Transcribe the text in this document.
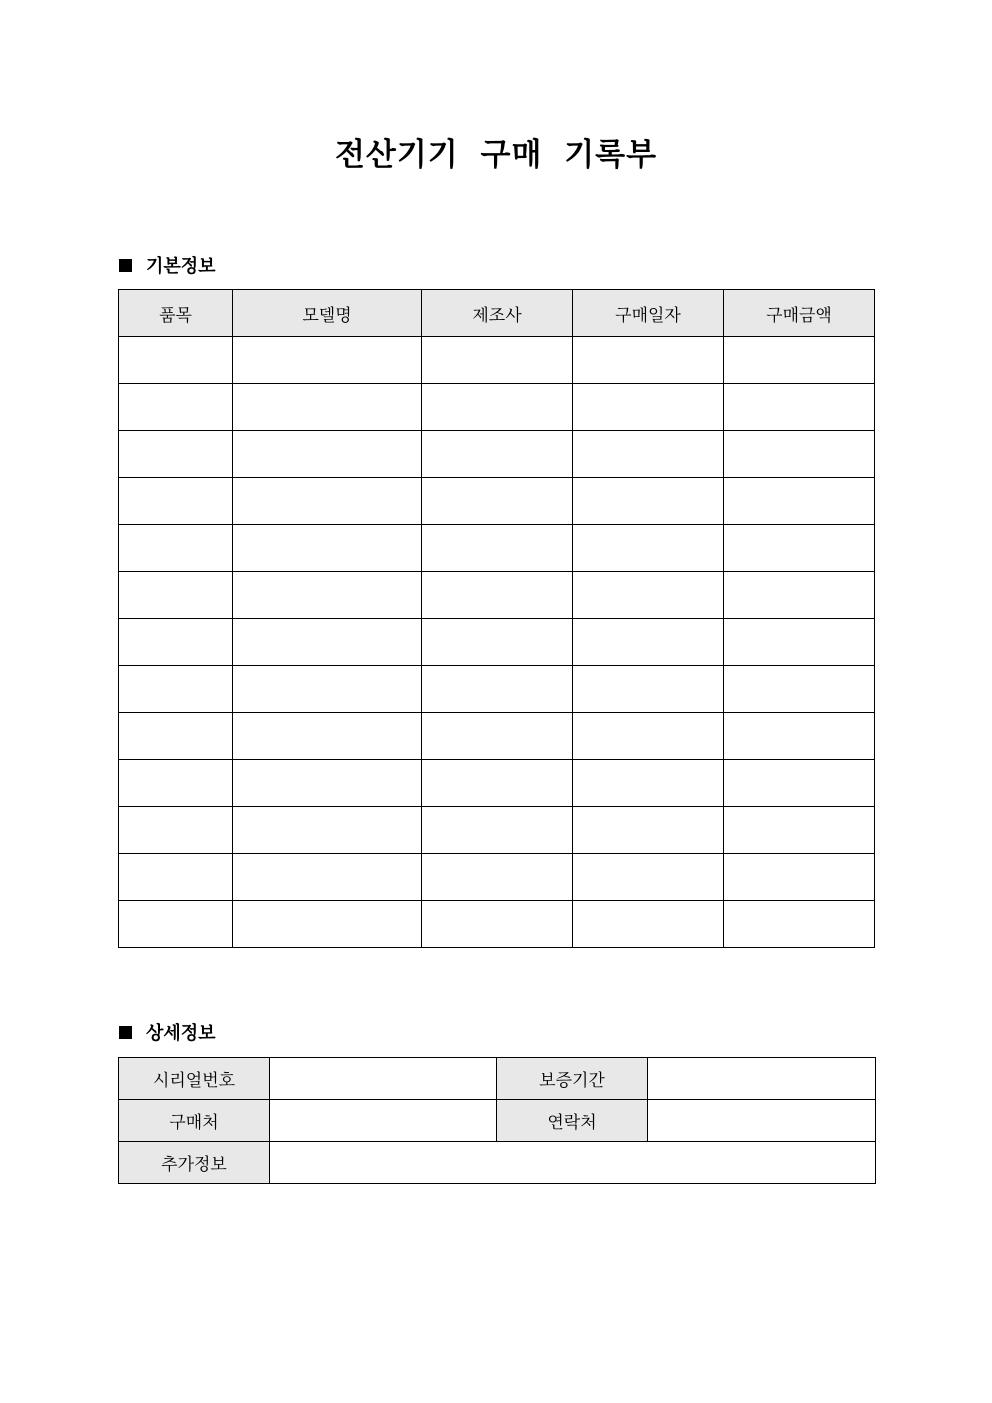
전산기기 구매 기록부
기본정보
품목	모델명	제조사	구매일자	구매금액

상세정보
시리얼번호		보증기간	
구매처		연락처	
추가정보			
